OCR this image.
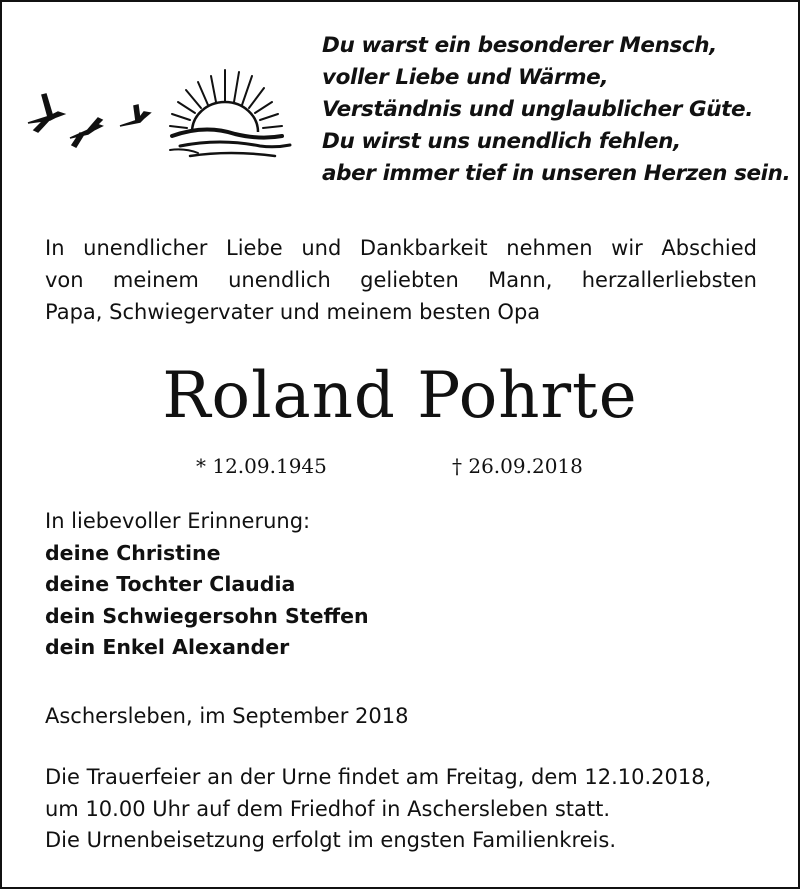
Du warst ein besonderer Mensch,
voller Liebe und Wärme,
Verständnis und unglaublicher Güte.
Du wirst uns unendlich fehlen,
aber immer tief in unseren Herzen sein.
In unendlicher Liebe und Dankbarkeit nehmen wir Abschied
von meinem unendlich geliebten Mann, herzallerliebsten
Papa, Schwiegervater und meinem besten Opa
Roland Pohrte
* 12.09.1945	† 26.09.2018
In liebevoller Erinnerung:
deine Christine
deine Tochter Claudia
dein Schwiegersohn Steffen
dein Enkel Alexander
Aschersleben, im September 2018
Die Trauerfeier an der Urne findet am Freitag, dem 12.10.2018,
um 10.00 Uhr auf dem Friedhof in Aschersleben statt.
Die Urnenbeisetzung erfolgt im engsten Familienkreis.
